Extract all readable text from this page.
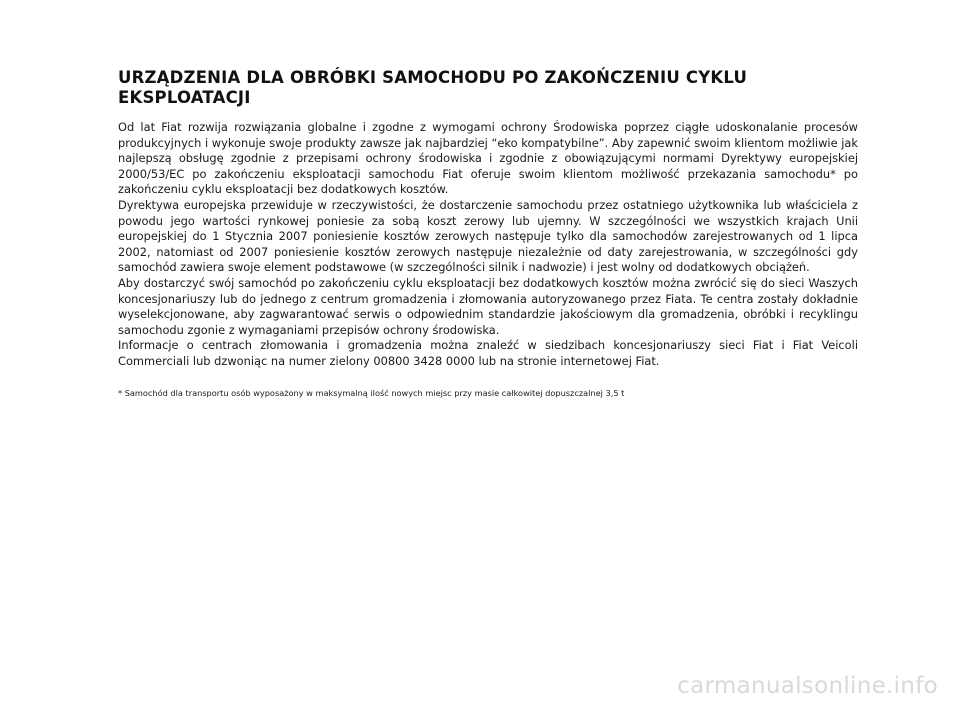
URZĄDZENIA DLA OBRÓBKI SAMOCHODU PO ZAKOŃCZENIU CYKLU EKSPLOATACJI

Od lat Fiat rozwija rozwiązania globalne i zgodne z wymogami ochrony Środowiska poprzez ciągłe udoskonalanie procesów produkcyjnych i wykonuje swoje produkty zawsze jak najbardziej “eko kompatybilne”. Aby zapewnić swoim klientom możliwie jak najlepszą obsługę zgodnie z przepisami ochrony środowiska i zgodnie z obowiązującymi normami Dyrektywy europejskiej 2000/53/EC po zakończeniu eksploatacji samochodu Fiat oferuje swoim klientom możliwość przekazania samochodu* po zakończeniu cyklu eksploatacji bez dodatkowych kosztów.

Dyrektywa europejska przewiduje w rzeczywistości, że dostarczenie samochodu przez ostatniego użytkownika lub właściciela z powodu jego wartości rynkowej poniesie za sobą koszt zerowy lub ujemny. W szczególności we wszystkich krajach Unii europejskiej do 1 Stycznia 2007 poniesienie kosztów zerowych następuje tylko dla samochodów zarejestrowanych od 1 lipca 2002, natomiast od 2007 poniesienie kosztów zerowych następuje niezależnie od daty zarejestrowania, w szczególności gdy samochód zawiera swoje element podstawowe (w szczególności silnik i nadwozie) i jest wolny od dodatkowych obciążeń.

Aby dostarczyć swój samochód po zakończeniu cyklu eksploatacji bez dodatkowych kosztów można zwrócić się do sieci Waszych koncesjonariuszy lub do jednego z centrum gromadzenia i złomowania autoryzowanego przez Fiata. Te centra zostały dokładnie wyselekcjonowane, aby zagwarantować serwis o odpowiednim standardzie jakościowym dla gromadzenia, obróbki i recyklingu samochodu zgonie z wymaganiami przepisów ochrony środowiska.

Informacje o centrach złomowania i gromadzenia można znaleźć w siedzibach koncesjonariuszy sieci Fiat i Fiat Veicoli Commerciali lub dzwoniąc na numer zielony 00800 3428 0000 lub na stronie internetowej Fiat.

* Samochód dla transportu osób wyposażony w maksymalną ilość nowych miejsc przy masie całkowitej dopuszczalnej 3,5 t
carmanualsonline.info
